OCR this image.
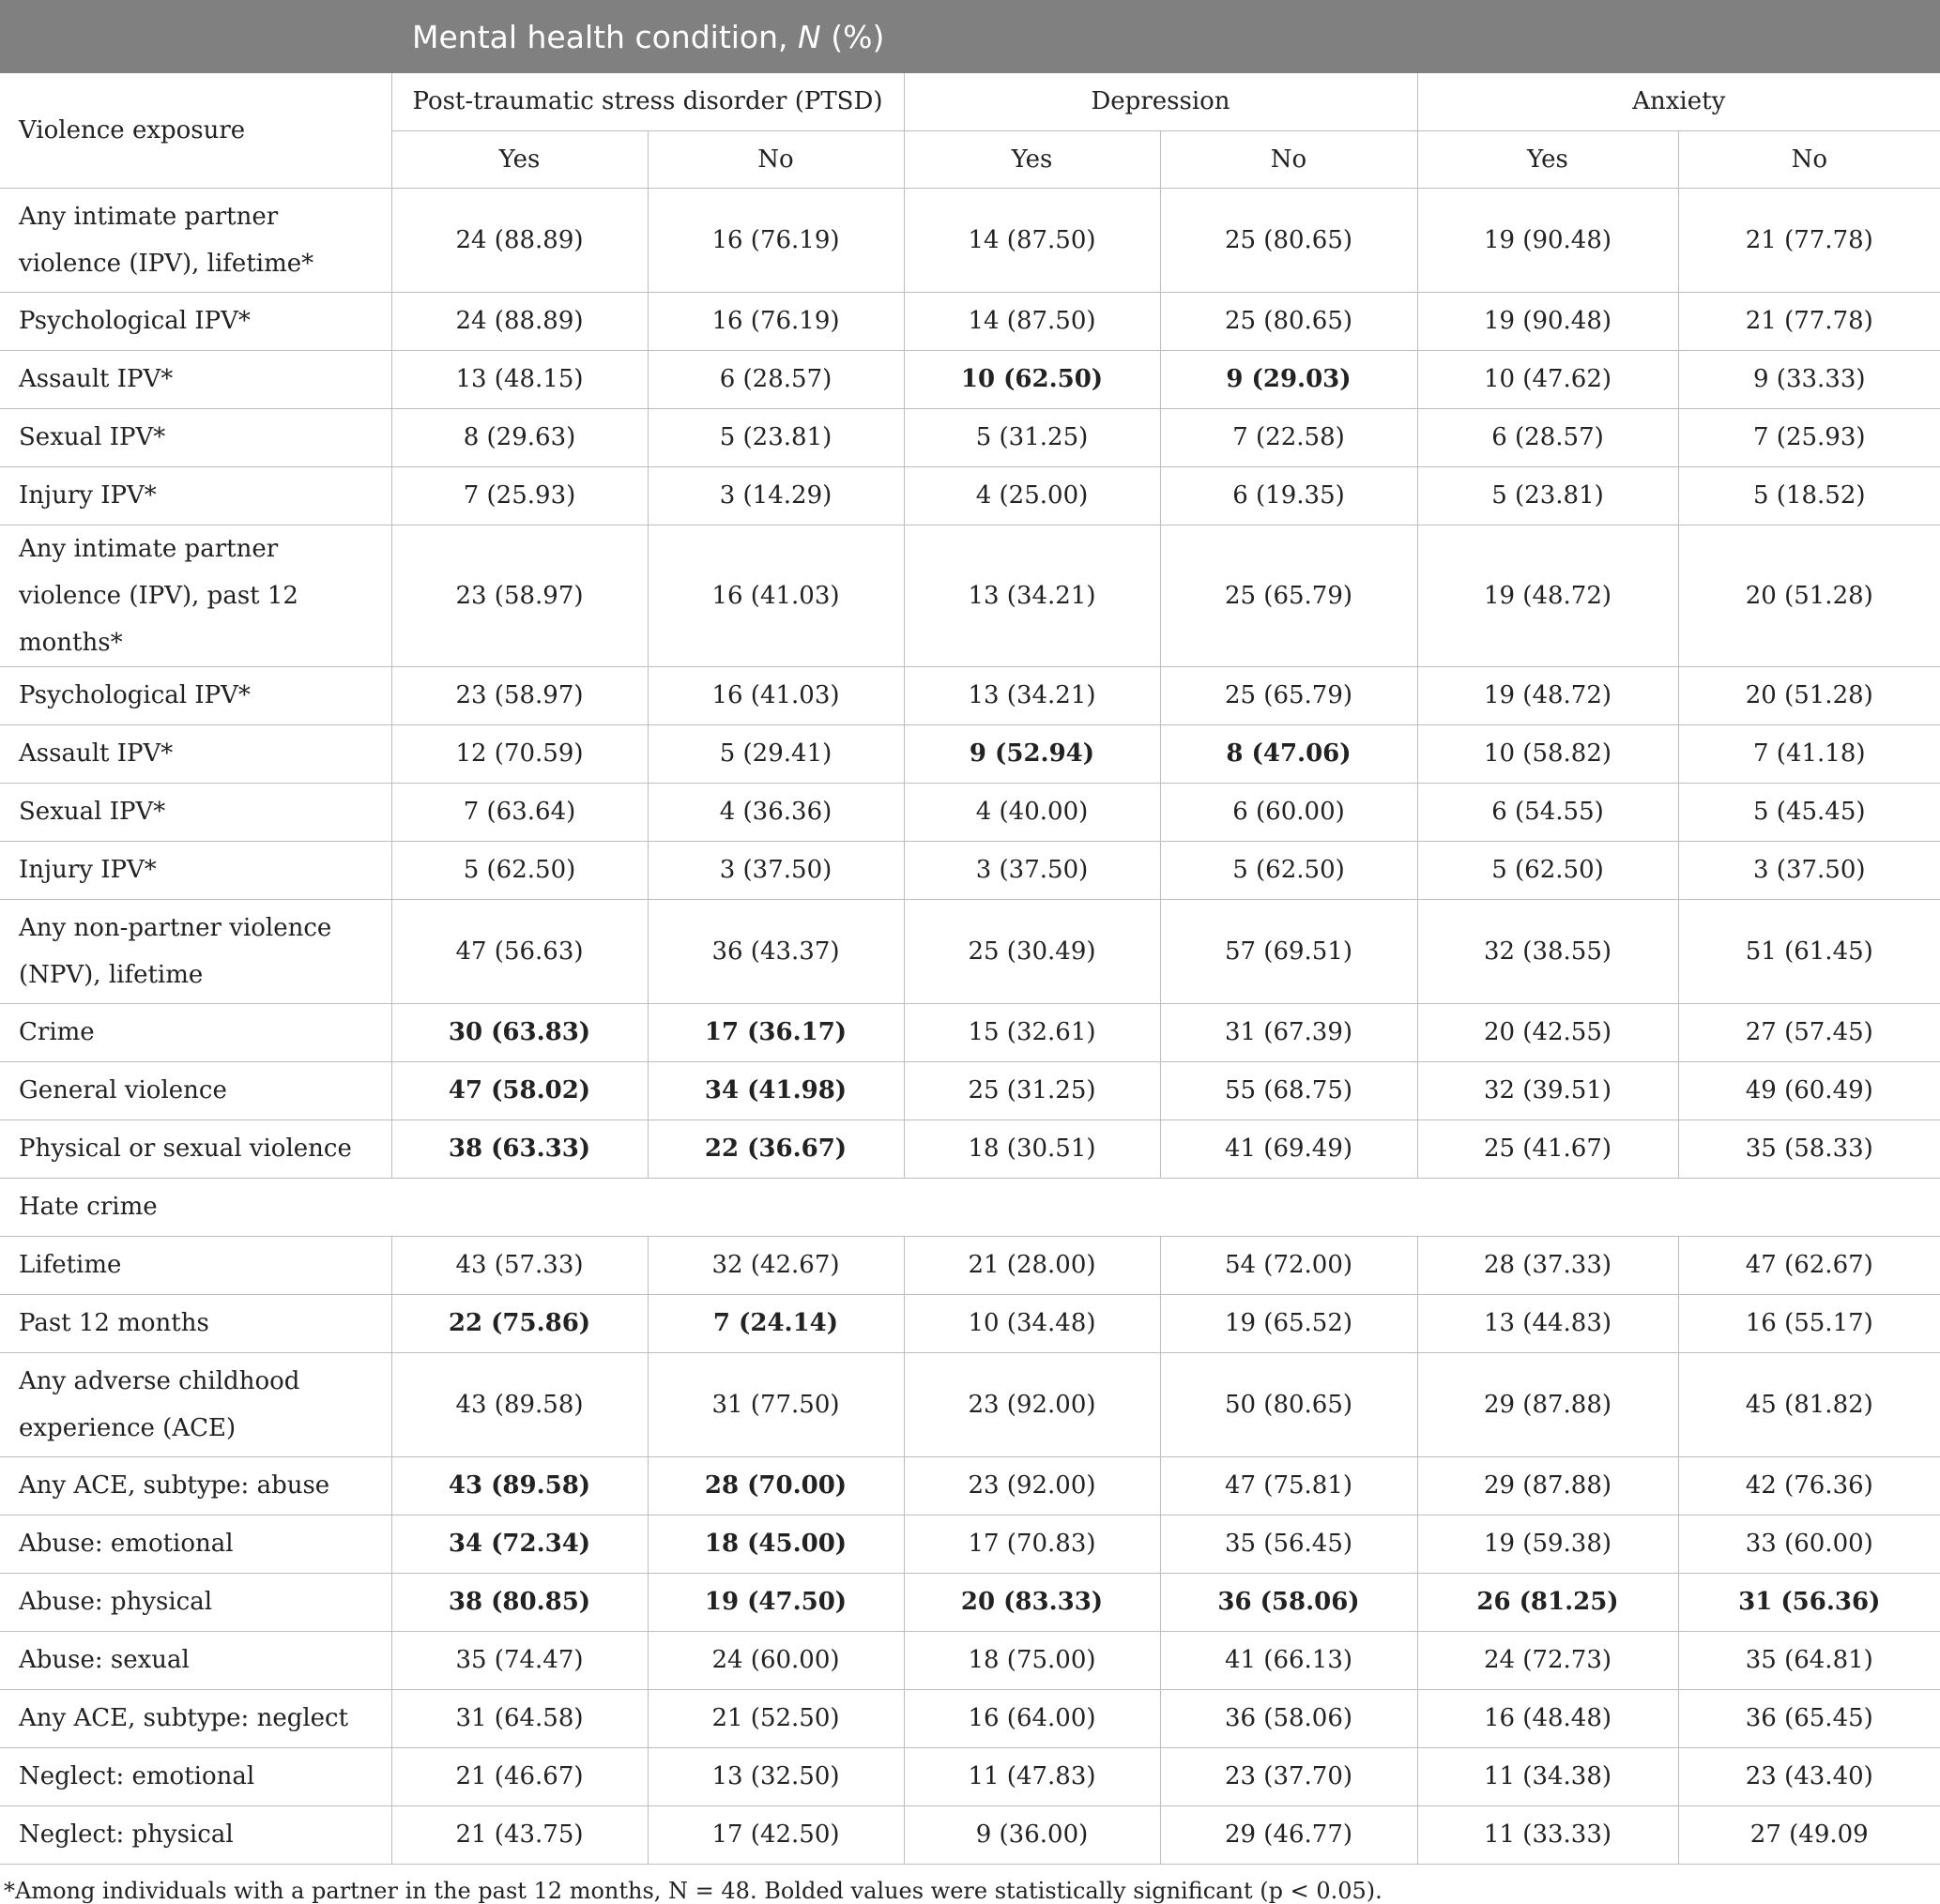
	Mental health condition, N (%)					
Violence exposure	Post-traumatic stress disorder (PTSD)		Depression		Anxiety	
	Yes	No	Yes	No	Yes	No
Any intimate partner violence (IPV), lifetime*	24 (88.89)	16 (76.19)	14 (87.50)	25 (80.65)	19 (90.48)	21 (77.78)
Psychological IPV*	24 (88.89)	16 (76.19)	14 (87.50)	25 (80.65)	19 (90.48)	21 (77.78)
Assault IPV*	13 (48.15)	6 (28.57)	10 (62.50)	9 (29.03)	10 (47.62)	9 (33.33)
Sexual IPV*	8 (29.63)	5 (23.81)	5 (31.25)	7 (22.58)	6 (28.57)	7 (25.93)
Injury IPV*	7 (25.93)	3 (14.29)	4 (25.00)	6 (19.35)	5 (23.81)	5 (18.52)
Any intimate partner violence (IPV), past 12 months*	23 (58.97)	16 (41.03)	13 (34.21)	25 (65.79)	19 (48.72)	20 (51.28)
Psychological IPV*	23 (58.97)	16 (41.03)	13 (34.21)	25 (65.79)	19 (48.72)	20 (51.28)
Assault IPV*	12 (70.59)	5 (29.41)	9 (52.94)	8 (47.06)	10 (58.82)	7 (41.18)
Sexual IPV*	7 (63.64)	4 (36.36)	4 (40.00)	6 (60.00)	6 (54.55)	5 (45.45)
Injury IPV*	5 (62.50)	3 (37.50)	3 (37.50)	5 (62.50)	5 (62.50)	3 (37.50)
Any non-partner violence (NPV), lifetime	47 (56.63)	36 (43.37)	25 (30.49)	57 (69.51)	32 (38.55)	51 (61.45)
Crime	30 (63.83)	17 (36.17)	15 (32.61)	31 (67.39)	20 (42.55)	27 (57.45)
General violence	47 (58.02)	34 (41.98)	25 (31.25)	55 (68.75)	32 (39.51)	49 (60.49)
Physical or sexual violence	38 (63.33)	22 (36.67)	18 (30.51)	41 (69.49)	25 (41.67)	35 (58.33)
Hate crime						
Lifetime	43 (57.33)	32 (42.67)	21 (28.00)	54 (72.00)	28 (37.33)	47 (62.67)
Past 12 months	22 (75.86)	7 (24.14)	10 (34.48)	19 (65.52)	13 (44.83)	16 (55.17)
Any adverse childhood experience (ACE)	43 (89.58)	31 (77.50)	23 (92.00)	50 (80.65)	29 (87.88)	45 (81.82)
Any ACE, subtype: abuse	43 (89.58)	28 (70.00)	23 (92.00)	47 (75.81)	29 (87.88)	42 (76.36)
Abuse: emotional	34 (72.34)	18 (45.00)	17 (70.83)	35 (56.45)	19 (59.38)	33 (60.00)
Abuse: physical	38 (80.85)	19 (47.50)	20 (83.33)	36 (58.06)	26 (81.25)	31 (56.36)
Abuse: sexual	35 (74.47)	24 (60.00)	18 (75.00)	41 (66.13)	24 (72.73)	35 (64.81)
Any ACE, subtype: neglect	31 (64.58)	21 (52.50)	16 (64.00)	36 (58.06)	16 (48.48)	36 (65.45)
Neglect: emotional	21 (46.67)	13 (32.50)	11 (47.83)	23 (37.70)	11 (34.38)	23 (43.40)
Neglect: physical	21 (43.75)	17 (42.50)	9 (36.00)	29 (46.77)	11 (33.33)	27 (49.09
*Among individuals with a partner in the past 12 months, N = 48. Bolded values were statistically significant (p < 0.05).
